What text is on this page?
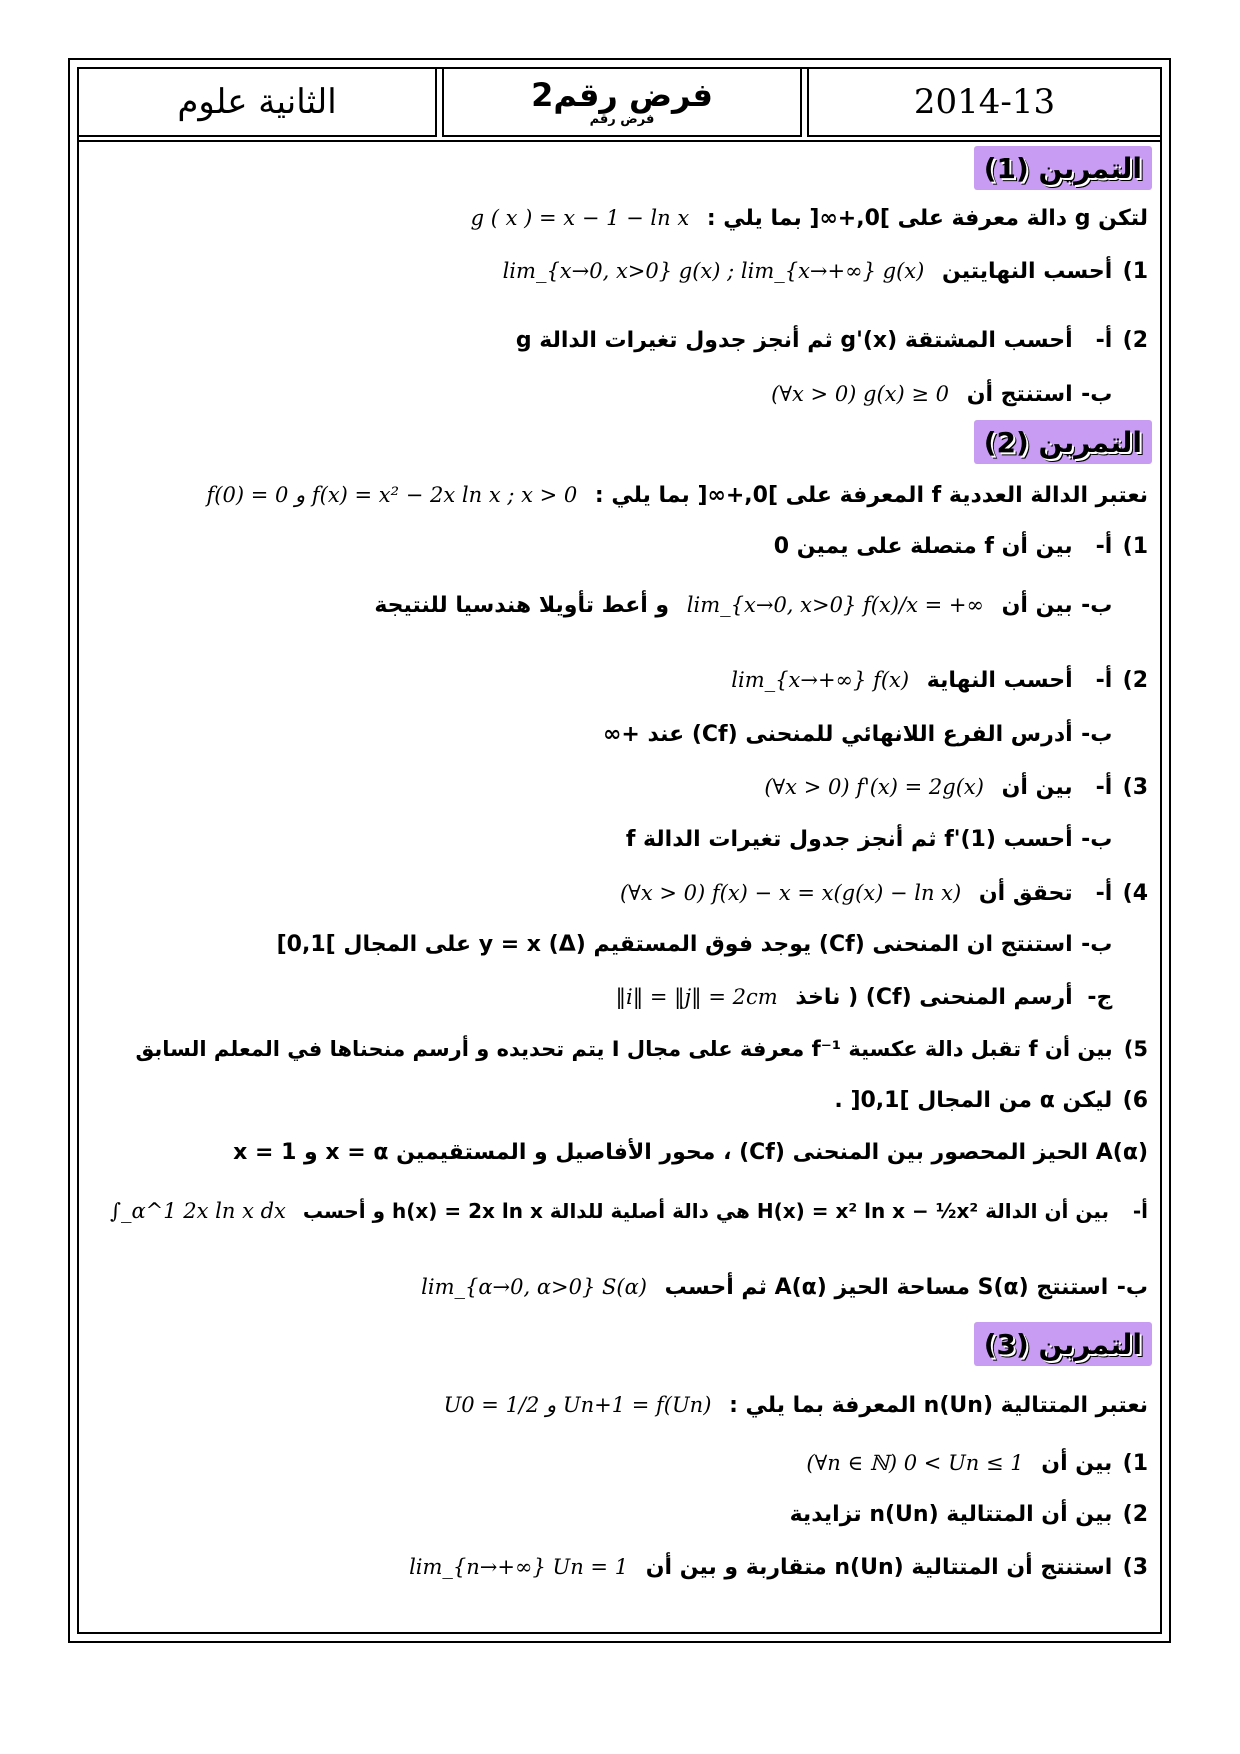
الثانية علوم	فرض رقم2
فرض رقم	2014-13
التمرين (1)
لتكن g دالة معرفة على ]0,+∞[ بما يلي : g ( x ) = x − 1 − ln x
1) أحسب النهايتين lim_{x→0, x>0} g(x) ; lim_{x→+∞} g(x)
2) أ- أحسب المشتقة g'(x) ثم أنجز جدول تغيرات الدالة g
ب- استنتج أن (∀x > 0) g(x) ≥ 0
التمرين (2)
نعتبر الدالة العددية f المعرفة على ]0,+∞[ بما يلي : f(0) = 0 و f(x) = x² − 2x ln x ; x > 0
1) أ- بين أن f متصلة على يمين 0
ب- بين أن lim_{x→0, x>0} f(x)/x = +∞ و أعط تأويلا هندسيا للنتيجة
2) أ- أحسب النهاية lim_{x→+∞} f(x)
ب- أدرس الفرع اللانهائي للمنحنى (Cf) عند +∞
3) أ- بين أن (∀x > 0) f'(x) = 2g(x)
ب- أحسب f'(1) ثم أنجز جدول تغيرات الدالة f
4) أ- تحقق أن (∀x > 0) f(x) − x = x(g(x) − ln x)
ب- استنتج ان المنحنى (Cf) يوجد فوق المستقيم (Δ) y = x على المجال ]0,1]
ج- أرسم المنحنى (Cf) ( ناخذ ‖i‖ = ‖j‖ = 2cm
5) بين أن f تقبل دالة عكسية f⁻¹ معرفة على مجال I يتم تحديده و أرسم منحناها في المعلم السابق
6) ليكن α من المجال ]0,1[ .
A(α) الحيز المحصور بين المنحنى (Cf) ، محور الأفاصيل و المستقيمين x = α و x = 1
أ- بين أن الدالة H(x) = x² ln x − ½x² هي دالة أصلية للدالة h(x) = 2x ln x و أحسب ∫_α^1 2x ln x dx
ب- استنتج S(α) مساحة الحيز A(α) ثم أحسب lim_{α→0, α>0} S(α)
التمرين (3)
نعتبر المتتالية (Un)n المعرفة بما يلي : U0 = 1/2 و Un+1 = f(Un)
1) بين أن (∀n ∈ ℕ) 0 < Un ≤ 1
2) بين أن المتتالية (Un)n تزايدية
3) استنتج أن المتتالية (Un)n متقاربة و بين أن lim_{n→+∞} Un = 1
